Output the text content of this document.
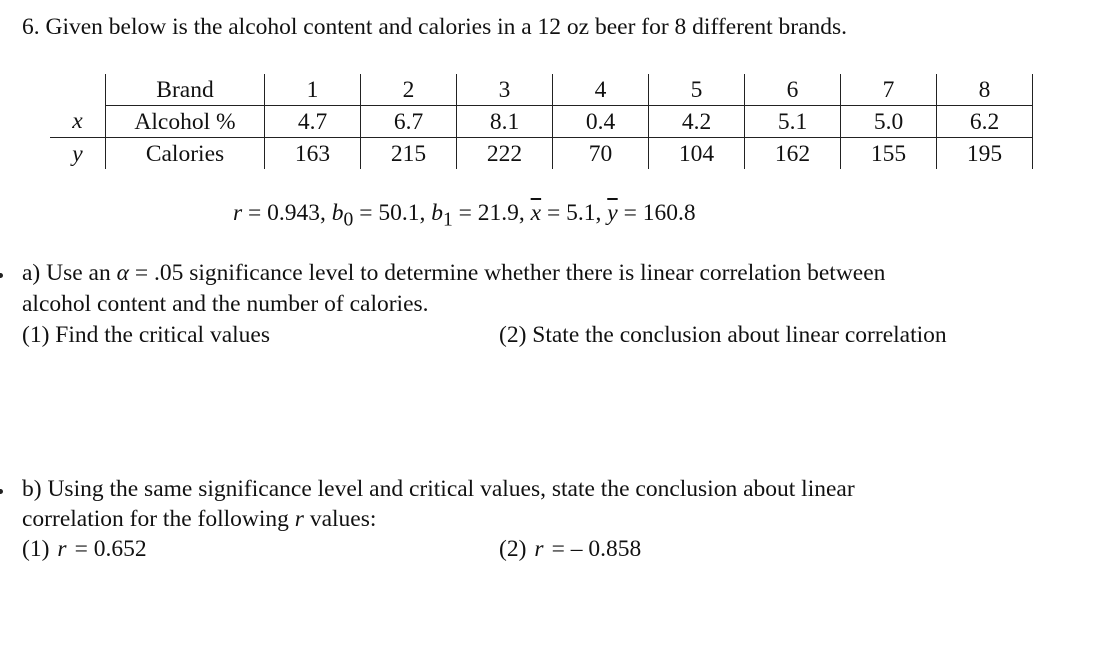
6. Given below is the alcohol content and calories in a 12 oz beer for 8 different brands.
	Brand	1	2	3	4	5	6	7	8
x	Alcohol %	4.7	6.7	8.1	0.4	4.2	5.1	5.0	6.2
y	Calories	163	215	222	70	104	162	155	195
r = 0.943, $b_0 = 50.1$, $b_1 = 21.9$, $\overline{x} = 5.1$, $\overline{y} = 160.8$
a) Use an α = .05 significance level to determine whether there is linear correlation between
alcohol content and the number of calories.
(1) Find the critical values	(2) State the conclusion about linear correlation
b) Using the same significance level and critical values, state the conclusion about linear
correlation for the following r values:
(1) r = 0.652	(2) r = – 0.858
